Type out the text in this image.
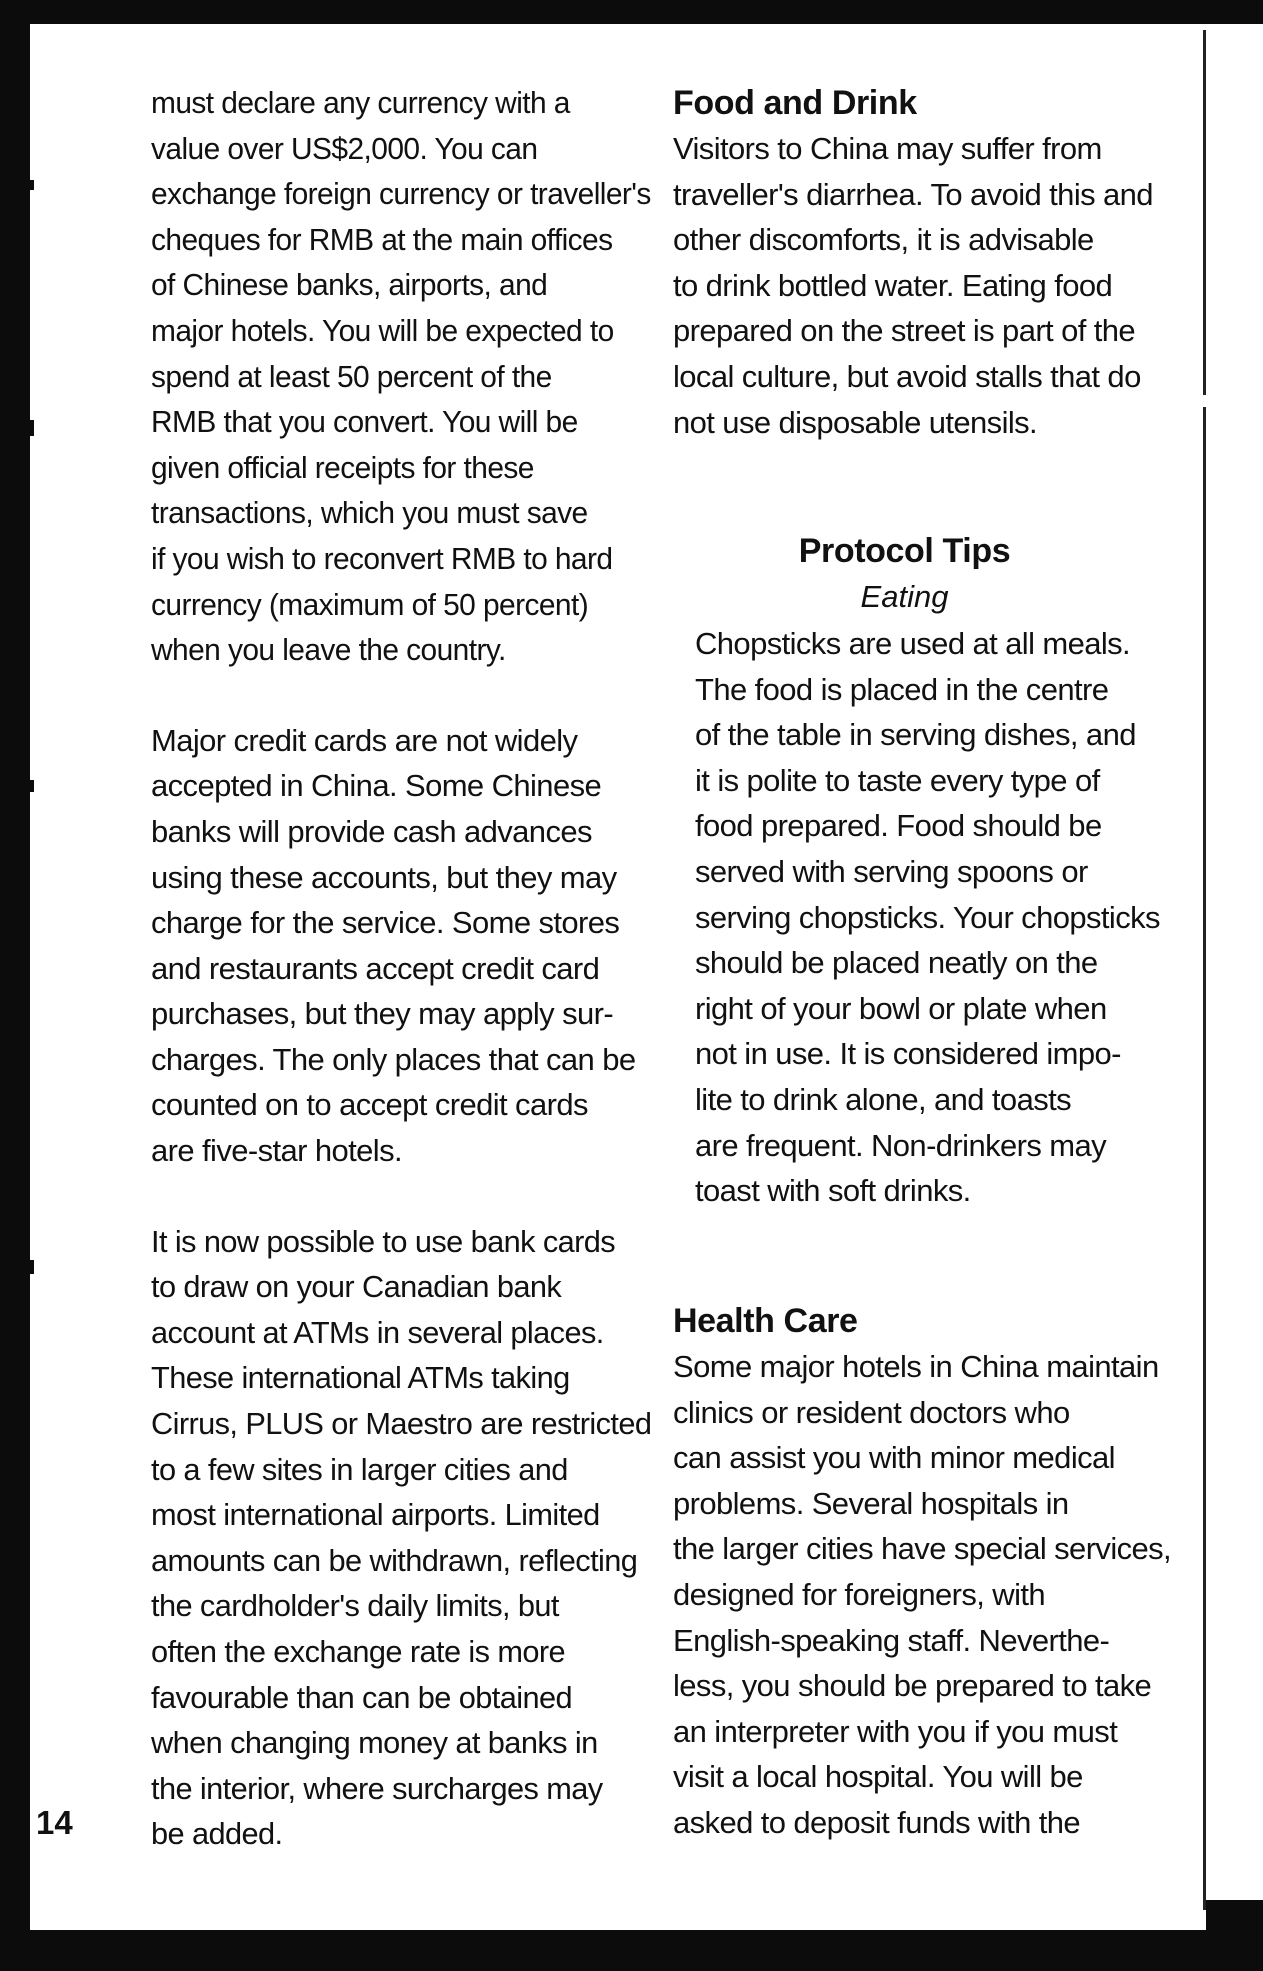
must declare any currency with a
value over US$2,000. You can
exchange foreign currency or traveller's
cheques for RMB at the main offices
of Chinese banks, airports, and
major hotels. You will be expected to
spend at least 50 percent of the
RMB that you convert. You will be
given official receipts for these
transactions, which you must save
if you wish to reconvert RMB to hard
currency (maximum of 50 percent)
when you leave the country.

Major credit cards are not widely
accepted in China. Some Chinese
banks will provide cash advances
using these accounts, but they may
charge for the service. Some stores
and restaurants accept credit card
purchases, but they may apply sur-
charges. The only places that can be
counted on to accept credit cards
are five-star hotels.

It is now possible to use bank cards
to draw on your Canadian bank
account at ATMs in several places.
These international ATMs taking
Cirrus, PLUS or Maestro are restricted
to a few sites in larger cities and
most international airports. Limited
amounts can be withdrawn, reflecting
the cardholder's daily limits, but
often the exchange rate is more
favourable than can be obtained
when changing money at banks in
the interior, where surcharges may
be added.

Food and Drink

Visitors to China may suffer from
traveller's diarrhea. To avoid this and
other discomforts, it is advisable
to drink bottled water. Eating food
prepared on the street is part of the
local culture, but avoid stalls that do
not use disposable utensils.

Protocol Tips
Eating

Chopsticks are used at all meals.
The food is placed in the centre
of the table in serving dishes, and
it is polite to taste every type of
food prepared. Food should be
served with serving spoons or
serving chopsticks. Your chopsticks
should be placed neatly on the
right of your bowl or plate when
not in use. It is considered impo-
lite to drink alone, and toasts
are frequent. Non-drinkers may
toast with soft drinks.

Health Care

Some major hotels in China maintain
clinics or resident doctors who
can assist you with minor medical
problems. Several hospitals in
the larger cities have special services,
designed for foreigners, with
English-speaking staff. Neverthe-
less, you should be prepared to take
an interpreter with you if you must
visit a local hospital. You will be
asked to deposit funds with the

14
